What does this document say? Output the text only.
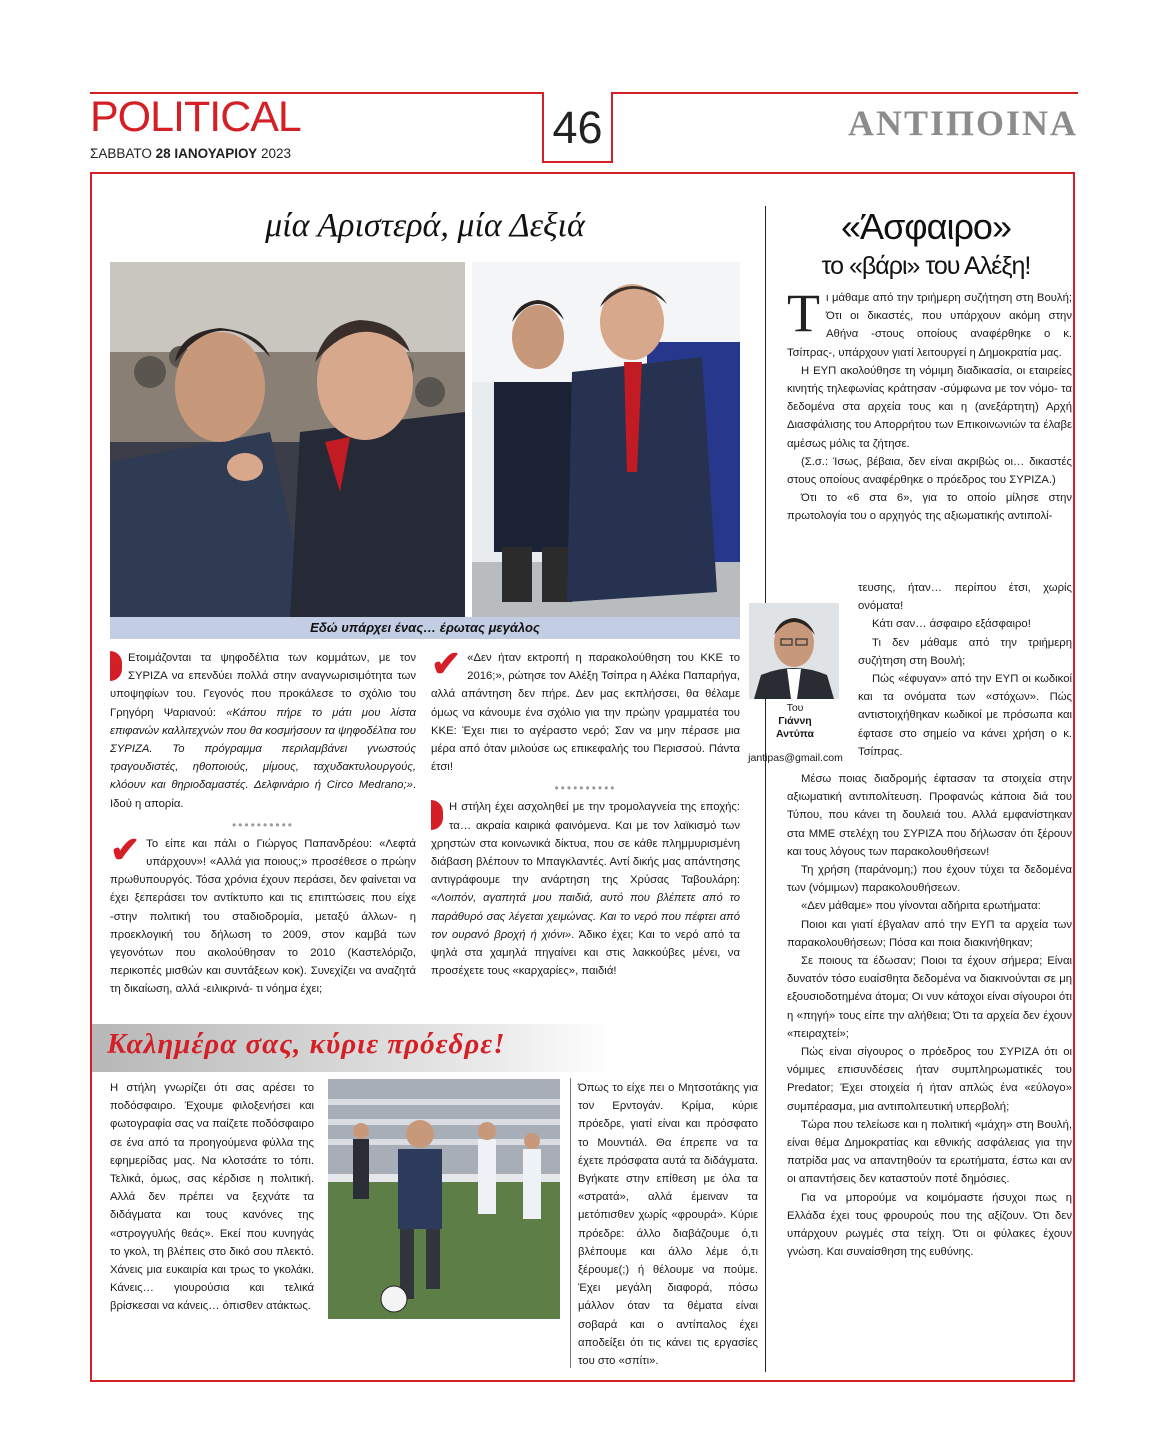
POLITICAL
ΣΑΒΒΑΤΟ 28 ΙΑΝΟΥΑΡΙΟΥ 2023
46	ΑΝΤΙΠΟΙΝΑ
μία Αριστερά, μία Δεξιά
Εδώ υπάρχει ένας… έρωτας μεγάλος

Ετοιμάζονται τα ψηφοδέλτια των κομμάτων, με τον ΣΥΡΙΖΑ να επενδύει πολλά στην αναγνωρισιμότητα των υποψηφίων του. Γεγονός που προκάλεσε το σχόλιο του Γρηγόρη Ψαριανού: «Κάπου πήρε το μάτι μου λίστα επιφανών καλλιτεχνών που θα κοσμήσουν τα ψηφοδέλτια του ΣΥΡΙΖΑ. Το πρόγραμμα περιλαμβάνει γνωστούς τραγουδιστές, ηθοποιούς, μίμους, ταχυδακτυλουργούς, κλόουν και θηριοδαμαστές. Δελφινάριο ή Circo Medrano;». Ιδού η απορία.

••••••••••

✔ Το είπε και πάλι ο Γιώργος Παπανδρέου: «Λεφτά υπάρχουν»! «Αλλά για ποιους;» προσέθεσε ο πρώην πρωθυπουργός. Τόσα χρόνια έχουν περάσει, δεν φαίνεται να έχει ξεπεράσει τον αντίκτυπο και τις επιπτώσεις που είχε -στην πολιτική του σταδιοδρομία, μεταξύ άλλων- η προεκλογική του δήλωση το 2009, στον καμβά των γεγονότων που ακολούθησαν το 2010 (Καστελόριζο, περικοπές μισθών και συντάξεων κοκ). Συνεχίζει να αναζητά τη δικαίωση, αλλά -ειλικρινά- τι νόημα έχει;

✔ «Δεν ήταν εκτροπή η παρακολούθηση του ΚΚΕ το 2016;», ρώτησε τον Αλέξη Τσίπρα η Αλέκα Παπαρήγα, αλλά απάντηση δεν πήρε. Δεν μας εκπλήσσει, θα θέλαμε όμως να κάνουμε ένα σχόλιο για την πρώην γραμματέα του ΚΚΕ: Έχει πιει το αγέραστο νερό; Σαν να μην πέρασε μια μέρα από όταν μιλούσε ως επικεφαλής του Περισσού. Πάντα έτσι!

••••••••••

Η στήλη έχει ασχοληθεί με την τρομολαγνεία της εποχής: τα… ακραία καιρικά φαινόμενα. Και με τον λαϊκισμό των χρηστών στα κοινωνικά δίκτυα, που σε κάθε πλημμυρισμένη διάβαση βλέπουν το Μπαγκλαντές. Αντί δικής μας απάντησης αντιγράφουμε την ανάρτηση της Χρύσας Ταβουλάρη: «Λοιπόν, αγαπητά μου παιδιά, αυτό που βλέπετε από το παράθυρό σας λέγεται χειμώνας. Και το νερό που πέφτει από τον ουρανό βροχή ή χιόνι». Άδικο έχει; Και το νερό από τα ψηλά στα χαμηλά πηγαίνει και στις λακκούβες μένει, να προσέχετε τους «καρχαρίες», παιδιά!

Καλημέρα σας, κύριε πρόεδρε!

Η στήλη γνωρίζει ότι σας αρέσει το ποδόσφαιρο. Έχουμε φιλοξενήσει και φωτογραφία σας να παίζετε ποδόσφαιρο σε ένα από τα προηγούμενα φύλλα της εφημερίδας μας. Να κλοτσάτε το τόπι. Τελικά, όμως, σας κέρδισε η πολιτική. Αλλά δεν πρέπει να ξεχνάτε τα διδάγματα και τους κανόνες της «στρογγυλής θεάς». Εκεί που κυνηγάς το γκολ, τη βλέπεις στο δικό σου πλεκτό. Χάνεις μια ευκαιρία και τρως το γκολάκι. Κάνεις… γιουρούσια και τελικά βρίσκεσαι να κάνεις… όπισθεν ατάκτως.

Όπως το είχε πει ο Μητσοτάκης για τον Ερντογάν. Κρίμα, κύριε πρόεδρε, γιατί είναι και πρόσφατο το Μουντιάλ. Θα έπρεπε να τα έχετε πρόσφατα αυτά τα διδάγματα. Βγήκατε στην επίθεση με όλα τα «στρατά», αλλά έμειναν τα μετόπισθεν χωρίς «φρουρά». Κύριε πρόεδρε: άλλο διαβάζουμε ό,τι βλέπουμε και άλλο λέμε ό,τι ξέρουμε(;) ή θέλουμε να πούμε. Έχει μεγάλη διαφορά, πόσω μάλλον όταν τα θέματα είναι σοβαρά και ο αντίπαλος έχει αποδείξει ότι τις κάνει τις εργασίες του στο «σπίτι».

«Άσφαιρο»
το «βάρι» του Αλέξη!

Τι μάθαμε από την τριήμερη συζήτηση στη Βουλή; Ότι οι δικαστές, που υπάρχουν ακόμη στην Αθήνα -στους οποίους αναφέρθηκε ο κ. Τσίπρας-, υπάρχουν γιατί λειτουργεί η Δημοκρατία μας.

Η ΕΥΠ ακολούθησε τη νόμιμη διαδικασία, οι εταιρείες κινητής τηλεφωνίας κράτησαν -σύμφωνα με τον νόμο- τα δεδομένα στα αρχεία τους και η (ανεξάρτητη) Αρχή Διασφάλισης του Απορρήτου των Επικοινωνιών τα έλαβε αμέσως μόλις τα ζήτησε.

(Σ.σ.: Ίσως, βέβαια, δεν είναι ακριβώς οι… δικαστές στους οποίους αναφέρθηκε ο πρόεδρος του ΣΥΡΙΖΑ.)

Ότι το «6 στα 6», για το οποίο μίλησε στην πρωτολογία του ο αρχηγός της αξιωματικής αντιπολί-

Του
Γιάννη
Αντύπα
jantipas@gmail.com

τευσης, ήταν… περίπου έτσι, χωρίς ονόματα!

Κάτι σαν… άσφαιρο εξάσφαιρο!

Τι δεν μάθαμε από την τριήμερη συζήτηση στη Βουλή;

Πώς «έφυγαν» από την ΕΥΠ οι κωδικοί και τα ονόματα των «στόχων». Πώς αντιστοιχήθηκαν κωδικοί με πρόσωπα και έφτασε στο σημείο να κάνει χρήση ο κ. Τσίπρας.

Μέσω ποιας διαδρομής έφτασαν τα στοιχεία στην αξιωματική αντιπολίτευση. Προφανώς κάποια διά του Τύπου, που κάνει τη δουλειά του. Αλλά εμφανίστηκαν στα ΜΜΕ στελέχη του ΣΥΡΙΖΑ που δήλωσαν ότι ξέρουν και τους λόγους των παρακολουθήσεων!

Τη χρήση (παράνομη;) που έχουν τύχει τα δεδομένα των (νόμιμων) παρακολουθήσεων.

«Δεν μάθαμε» που γίνονται αδήριτα ερωτήματα:

Ποιοι και γιατί έβγαλαν από την ΕΥΠ τα αρχεία των παρακολουθήσεων; Πόσα και ποια διακινήθηκαν;

Σε ποιους τα έδωσαν; Ποιοι τα έχουν σήμερα; Είναι δυνατόν τόσο ευαίσθητα δεδομένα να διακινούνται σε μη εξουσιοδοτημένα άτομα; Οι νυν κάτοχοι είναι σίγουροι ότι η «πηγή» τους είπε την αλήθεια; Ότι τα αρχεία δεν έχουν «πειραχτεί»;

Πώς είναι σίγουρος ο πρόεδρος του ΣΥΡΙΖΑ ότι οι νόμιμες επισυνδέσεις ήταν συμπληρωματικές του Predator; Έχει στοιχεία ή ήταν απλώς ένα «εύλογο» συμπέρασμα, μια αντιπολιτευτική υπερβολή;

Τώρα που τελείωσε και η πολιτική «μάχη» στη Βουλή, είναι θέμα Δημοκρατίας και εθνικής ασφάλειας για την πατρίδα μας να απαντηθούν τα ερωτήματα, έστω και αν οι απαντήσεις δεν καταστούν ποτέ δημόσιες.

Για να μπορούμε να κοιμόμαστε ήσυχοι πως η Ελλάδα έχει τους φρουρούς που της αξίζουν. Ότι δεν υπάρχουν ρωγμές στα τείχη. Ότι οι φύλακες έχουν γνώση. Και συναίσθηση της ευθύνης.
